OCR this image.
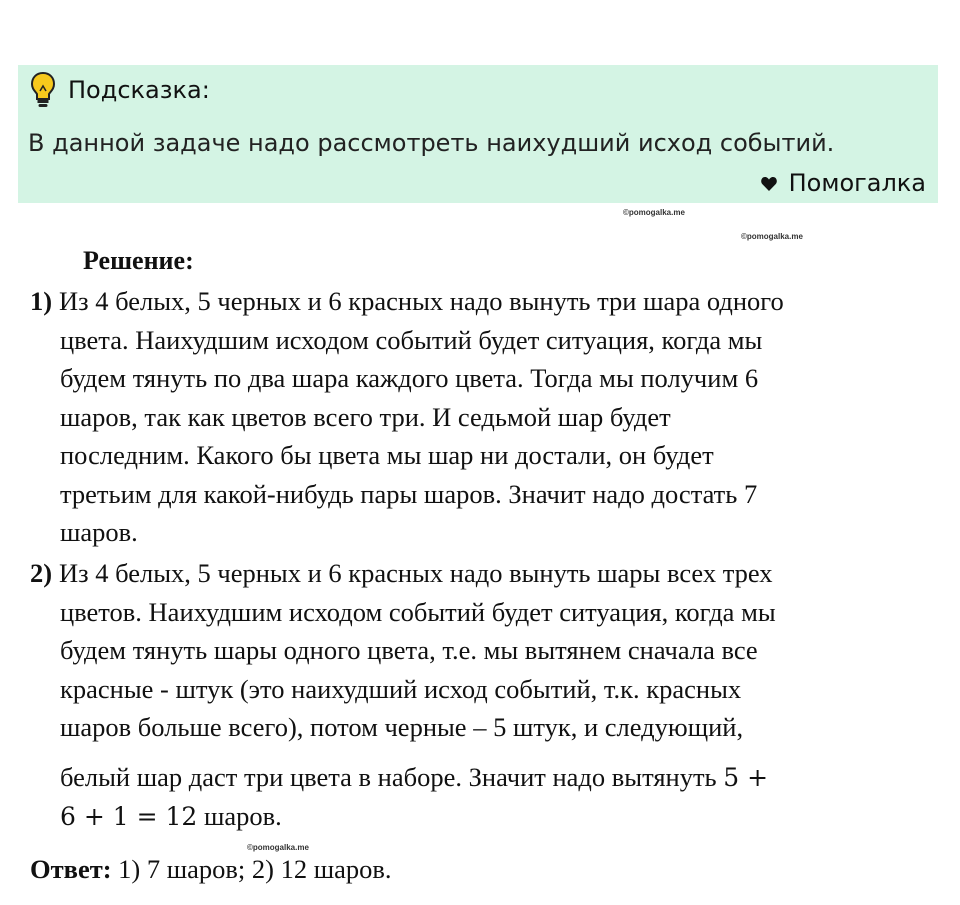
Подсказка:
В данной задаче надо рассмотреть наихудший исход событий.
Помогалка
©pomogalka.me
©pomogalka.me
Решение:
1) Из 4 белых, 5 черных и 6 красных надо вынуть три шара одного
цвета. Наихудшим исходом событий будет ситуация, когда мы
будем тянуть по два шара каждого цвета. Тогда мы получим 6
шаров, так как цветов всего три. И седьмой шар будет
последним. Какого бы цвета мы шар ни достали, он будет
третьим для какой-нибудь пары шаров. Значит надо достать 7
шаров.
2) Из 4 белых, 5 черных и 6 красных надо вынуть шары всех трех
цветов. Наихудшим исходом событий будет ситуация, когда мы
будем тянуть шары одного цвета, т.е. мы вытянем сначала все
красные - штук (это наихудший исход событий, т.к. красных
шаров больше всего), потом черные – 5 штук, и следующий,
белый шар даст три цвета в наборе. Значит надо вытянуть 5 +
6 + 1 = 12 шаров.
©pomogalka.me
Ответ: 1) 7 шаров; 2) 12 шаров.
